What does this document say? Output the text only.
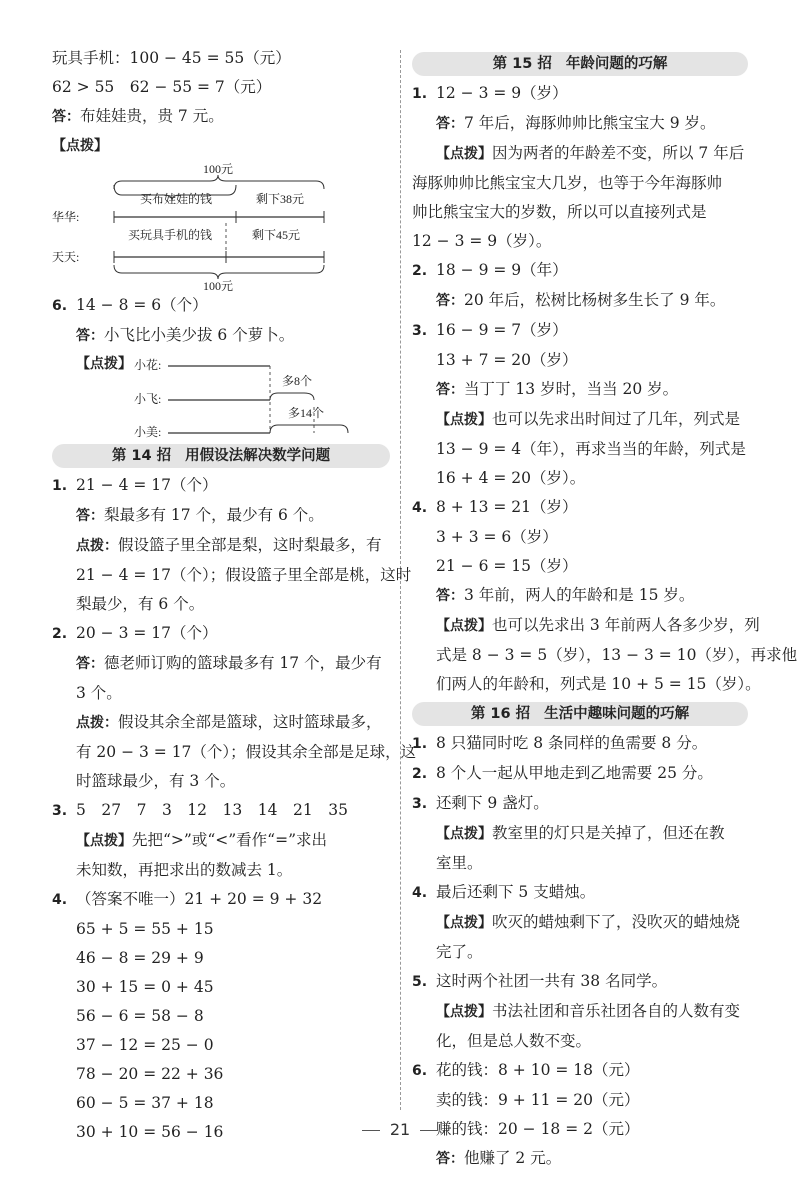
玩具手机：100 − 45 = 55（元）
62 > 55　62 − 55 = 7（元）
答：布娃娃贵，贵 7 元。
【点拨】
100元
买布娃娃的钱	剩下38元
华华:
买玩具手机的钱	剩下45元
天天:
100元
6. 14 − 8 = 6（个）
答：小飞比小美少拔 6 个萝卜。
【点拨】 小花:
多8个
小飞:
多14个
小美:
第 14 招 用假设法解决数学问题
1. 21 − 4 = 17（个）
答：梨最多有 17 个，最少有 6 个。
点拨：假设篮子里全部是梨，这时梨最多，有
21 − 4 = 17（个）；假设篮子里全部是桃，这时
梨最少，有 6 个。
2. 20 − 3 = 17（个）
答：德老师订购的篮球最多有 17 个，最少有
3 个。
点拨：假设其余全部是篮球，这时篮球最多，
有 20 − 3 = 17（个）；假设其余全部是足球，这
时篮球最少，有 3 个。
3. 5　27　7　3　12　13　14　21　35
【点拨】先把“>”或“<”看作“=”求出
未知数，再把求出的数减去 1。
4. （答案不唯一）21 + 20 = 9 + 32
65 + 5 = 55 + 15
46 − 8 = 29 + 9
30 + 15 = 0 + 45
56 − 6 = 58 − 8
37 − 12 = 25 − 0
78 − 20 = 22 + 36
60 − 5 = 37 + 18
30 + 10 = 56 − 16
第 15 招 年龄问题的巧解
1. 12 − 3 = 9（岁）
答：7 年后，海豚帅帅比熊宝宝大 9 岁。
【点拨】因为两者的年龄差不变，所以 7 年后
海豚帅帅比熊宝宝大几岁，也等于今年海豚帅
帅比熊宝宝大的岁数，所以可以直接列式是
12 − 3 = 9（岁）。
2. 18 − 9 = 9（年）
答：20 年后，松树比杨树多生长了 9 年。
3. 16 − 9 = 7（岁）
13 + 7 = 20（岁）
答：当丁丁 13 岁时，当当 20 岁。
【点拨】也可以先求出时间过了几年，列式是
13 − 9 = 4（年），再求当当的年龄，列式是
16 + 4 = 20（岁）。
4. 8 + 13 = 21（岁）
3 + 3 = 6（岁）
21 − 6 = 15（岁）
答：3 年前，两人的年龄和是 15 岁。
【点拨】也可以先求出 3 年前两人各多少岁，列
式是 8 − 3 = 5（岁），13 − 3 = 10（岁），再求他
们两人的年龄和，列式是 10 + 5 = 15（岁）。
第 16 招 生活中趣味问题的巧解
1. 8 只猫同时吃 8 条同样的鱼需要 8 分。
2. 8 个人一起从甲地走到乙地需要 25 分。
3. 还剩下 9 盏灯。
【点拨】教室里的灯只是关掉了，但还在教
室里。
4. 最后还剩下 5 支蜡烛。
【点拨】吹灭的蜡烛剩下了，没吹灭的蜡烛烧
完了。
5. 这时两个社团一共有 38 名同学。
【点拨】书法社团和音乐社团各自的人数有变
化，但是总人数不变。
6. 花的钱：8 + 10 = 18（元）
卖的钱：9 + 11 = 20（元）
赚的钱：20 − 18 = 2（元）
答：他赚了 2 元。
21
